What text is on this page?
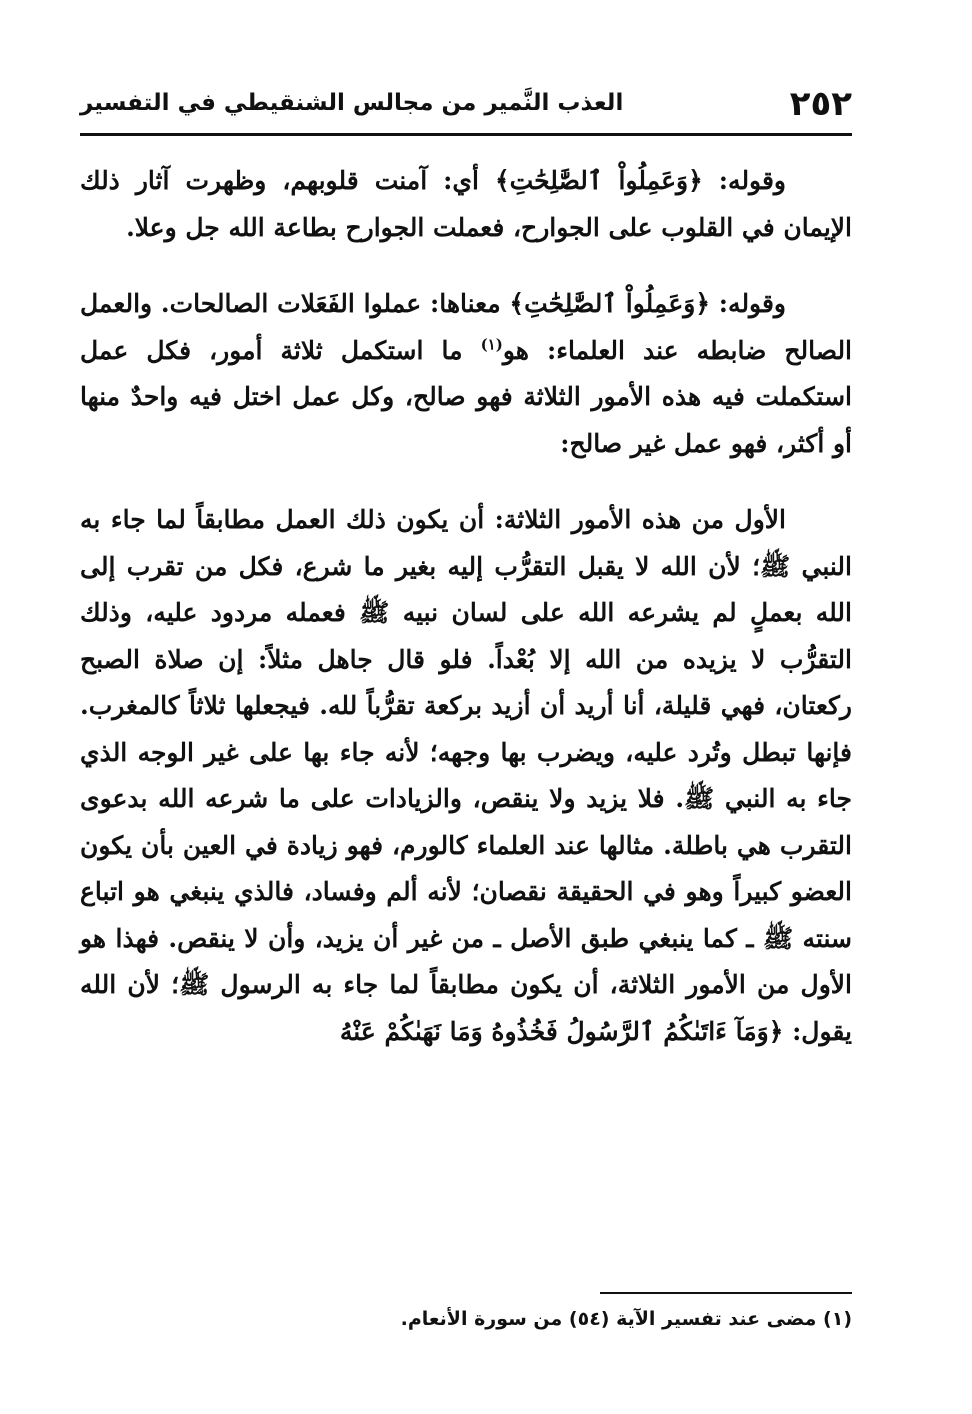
٢٥٢
العذب النَّمير من مجالس الشنقيطي في التفسير

وقوله: ﴿وَعَمِلُواْ ٱلصَّٰلِحَٰتِ﴾ أي: آمنت قلوبهم، وظهرت آثار ذلك الإيمان في القلوب على الجوارح، فعملت الجوارح بطاعة الله جل وعلا.

وقوله: ﴿وَعَمِلُواْ ٱلصَّٰلِحَٰتِ﴾ معناها: عملوا الفَعَلات الصالحات. والعمل الصالح ضابطه عند العلماء: هو$^{(١)}$ ما استكمل ثلاثة أمور، فكل عمل استكملت فيه هذه الأمور الثلاثة فهو صالح، وكل عمل اختل فيه واحدٌ منها أو أكثر، فهو عمل غير صالح:

الأول من هذه الأمور الثلاثة: أن يكون ذلك العمل مطابقاً لما جاء به النبي ﷺ؛ لأن الله لا يقبل التقرُّب إليه بغير ما شرع، فكل من تقرب إلى الله بعملٍ لم يشرعه الله على لسان نبيه ﷺ فعمله مردود عليه، وذلك التقرُّب لا يزيده من الله إلا بُعْداً. فلو قال جاهل مثلاً: إن صلاة الصبح ركعتان، فهي قليلة، أنا أريد أن أزيد بركعة تقرُّباً لله. فيجعلها ثلاثاً كالمغرب. فإنها تبطل وتُرد عليه، ويضرب بها وجهه؛ لأنه جاء بها على غير الوجه الذي جاء به النبي ﷺ. فلا يزيد ولا ينقص، والزيادات على ما شرعه الله بدعوى التقرب هي باطلة. مثالها عند العلماء كالورم، فهو زيادة في العين بأن يكون العضو كبيراً وهو في الحقيقة نقصان؛ لأنه ألم وفساد، فالذي ينبغي هو اتباع سنته ﷺ ـ كما ينبغي طبق الأصل ـ من غير أن يزيد، وأن لا ينقص. فهذا هو الأول من الأمور الثلاثة، أن يكون مطابقاً لما جاء به الرسول ﷺ؛ لأن الله يقول: ﴿وَمَآ ءَاتَىٰكُمُ ٱلرَّسُولُ فَخُذُوهُ وَمَا نَهَىٰكُمْ عَنْهُ

(١) مضى عند تفسير الآية (٥٤) من سورة الأنعام.
